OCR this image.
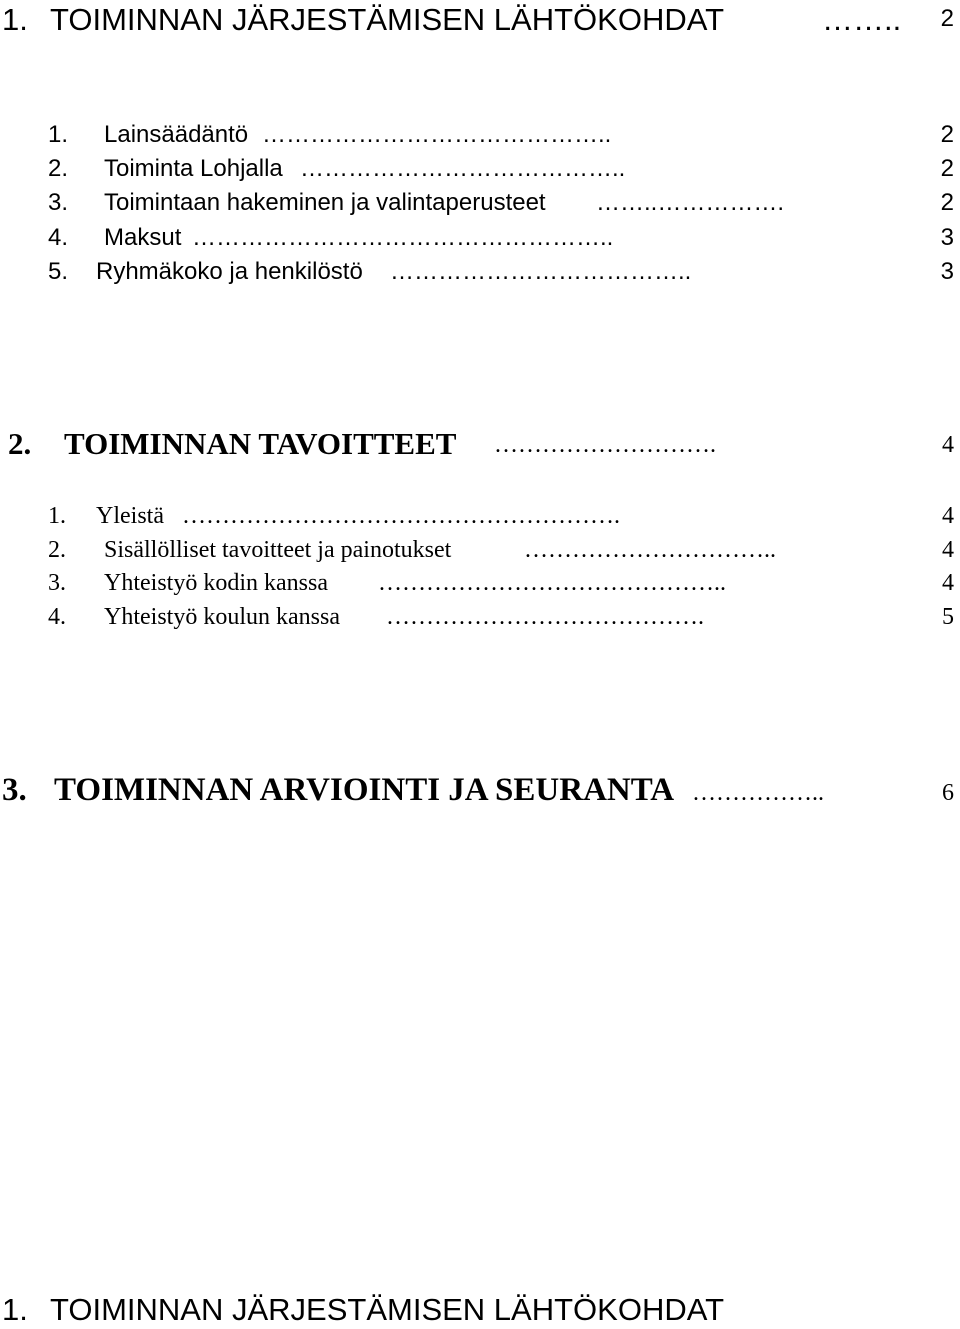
1. TOIMINNAN JÄRJESTÄMISEN LÄHTÖKOHDAT	…….. 2
1. Lainsäädäntö ……………………………………..	2
2. Toiminta Lohjalla …………………………………..	2
3. Toimintaan hakeminen ja valintaperusteet ……..…………….	2
4. Maksut ……………………………………………..	3
5. Ryhmäkoko ja henkilöstö ………………………………..	3
2. TOIMINNAN TAVOITTEET ……………………….	4
1. Yleistä ……………………………………………….	4
2. Sisällölliset tavoitteet ja painotukset	…………………………..	4
3. Yhteistyö kodin kanssa ……………………………………..	4
4. Yhteistyö koulun kanssa ………………………………….	5
3. TOIMINNAN ARVIOINTI JA SEURANTA ……………..	6
1. TOIMINNAN JÄRJESTÄMISEN LÄHTÖKOHDAT
